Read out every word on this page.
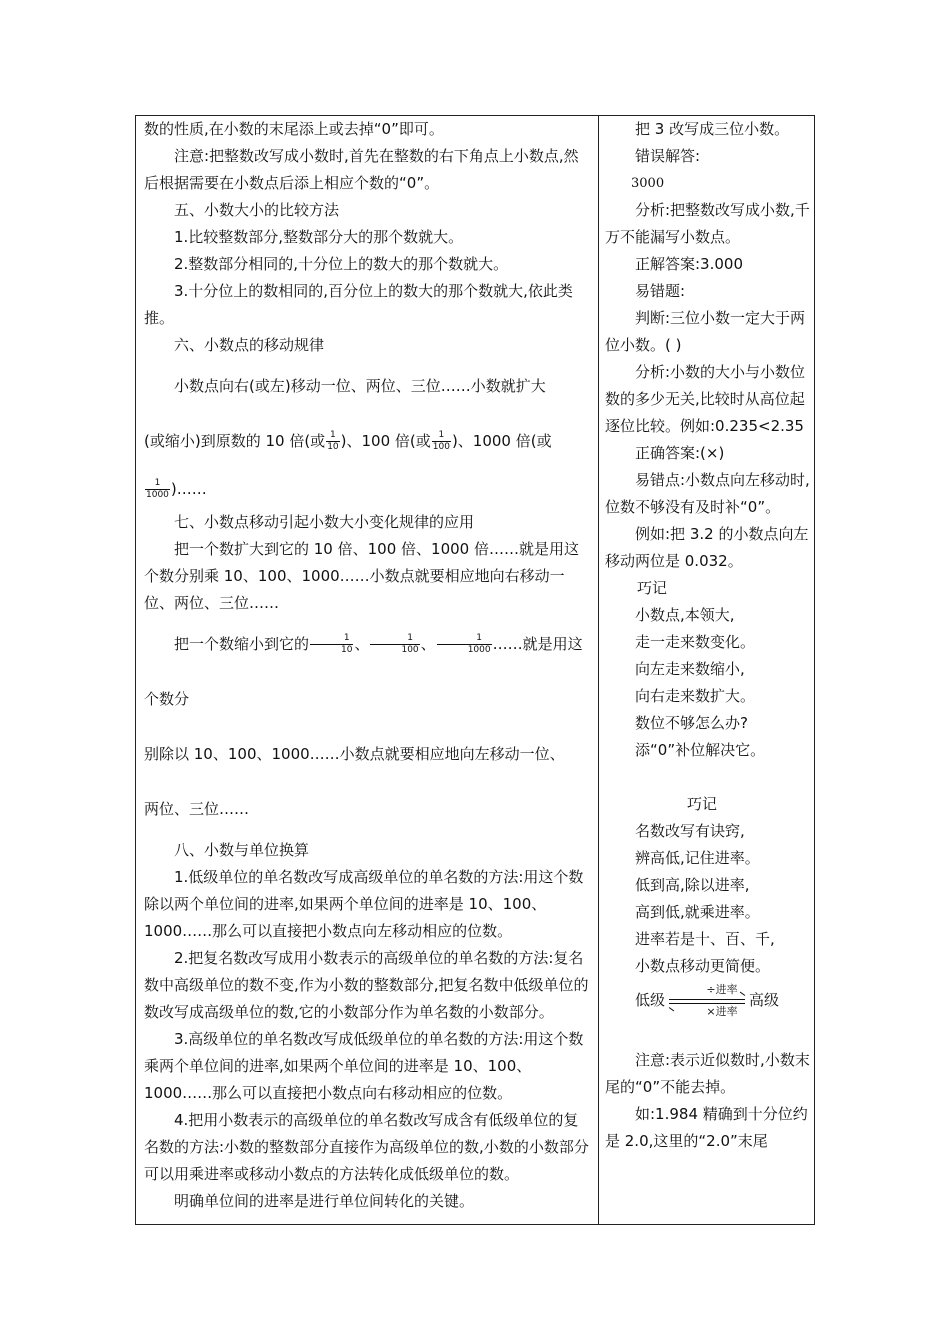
数的性质,在小数的末尾添上或去掉“0”即可。

注意:把整数改写成小数时,首先在整数的右下角点上小数点,然后根据需要在小数点后添上相应个数的“0”。

五、小数大小的比较方法

1.比较整数部分,整数部分大的那个数就大。

2.整数部分相同的,十分位上的数大的那个数就大。

3.十分位上的数相同的,百分位上的数大的那个数就大,依此类推。

六、小数点的移动规律

小数点向右(或左)移动一位、两位、三位……小数就扩大

(或缩小)到原数的 10 倍(或 $\frac{1}{10}$ )、100 倍(或 $\frac{1}{100}$ )、1000 倍(或

$\frac{1}{1000}$ )……

七、小数点移动引起小数大小变化规律的应用

把一个数扩大到它的 10 倍、100 倍、1000 倍……就是用这个数分别乘 10、100、1000……小数点就要相应地向右移动一位、两位、三位……

把一个数缩小到它的 $\frac{1}{10}$ 、 $\frac{1}{100}$ 、 $\frac{1}{1000}$ ……就是用这个数分

别除以 10、100、1000……小数点就要相应地向左移动一位、

两位、三位……

八、小数与单位换算

1.低级单位的单名数改写成高级单位的单名数的方法:用这个数除以两个单位间的进率,如果两个单位间的进率是 10、100、1000……那么可以直接把小数点向左移动相应的位数。

2.把复名数改写成用小数表示的高级单位的单名数的方法:复名数中高级单位的数不变,作为小数的整数部分,把复名数中低级单位的数改写成高级单位的数,它的小数部分作为单名数的小数部分。

3.高级单位的单名数改写成低级单位的单名数的方法:用这个数乘两个单位间的进率,如果两个单位间的进率是 10、100、1000……那么可以直接把小数点向右移动相应的位数。

4.把用小数表示的高级单位的单名数改写成含有低级单位的复名数的方法:小数的整数部分直接作为高级单位的数,小数的小数部分可以用乘进率或移动小数点的方法转化成低级单位的数。

明确单位间的进率是进行单位间转化的关键。

把 3 改写成三位小数。

错误解答:

3000

分析:把整数改写成小数,千万不能漏写小数点。

正解答案:3.000

易错题:

判断:三位小数一定大于两位小数。( )

分析:小数的大小与小数位数的多少无关,比较时从高位起逐位比较。例如:0.235<2.35

正确答案:(×)

易错点:小数点向左移动时,位数不够没有及时补“0”。

例如:把 3.2 的小数点向左移动两位是 0.032。

巧记

小数点,本领大,

走一走来数变化。

向左走来数缩小,

向右走来数扩大。

数位不够怎么办?

添“0”补位解决它。

巧记

名数改写有诀窍,

辨高低,记住进率。

低到高,除以进率,

高到低,就乘进率。

进率若是十、百、千,

小数点移动更简便。

低级
÷进率
×进率
高级

注意:表示近似数时,小数末尾的“0”不能去掉。

如:1.984 精确到十分位约是 2.0,这里的“2.0”末尾
